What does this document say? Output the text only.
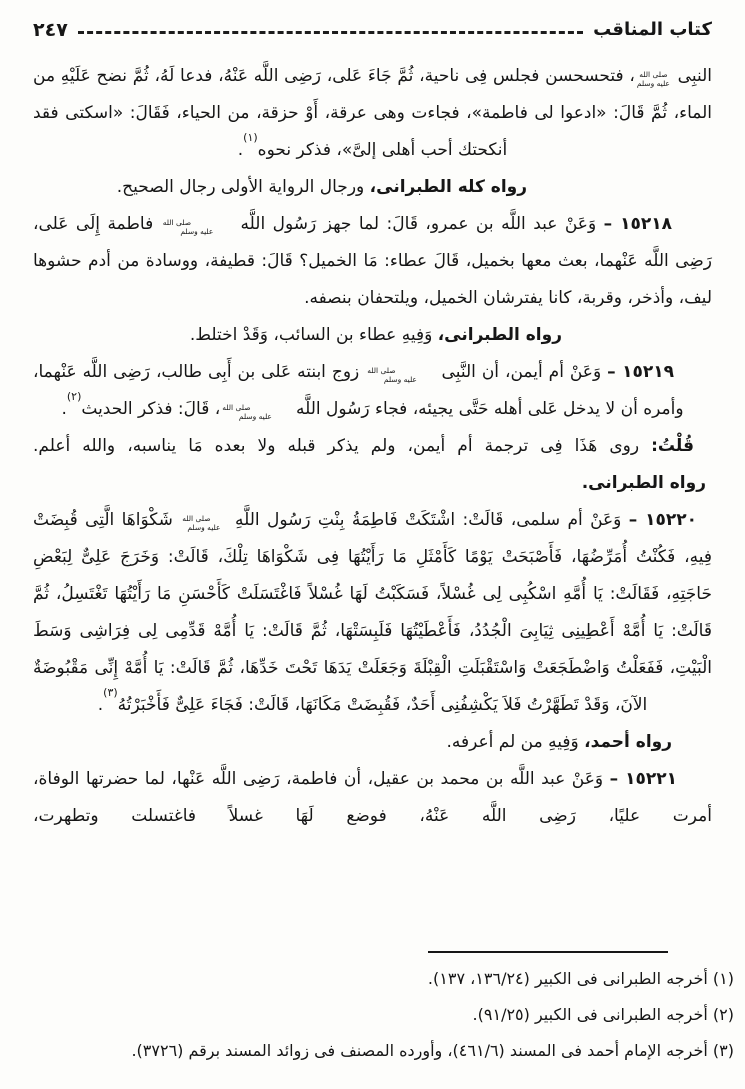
كتاب المناقب
٢٤٧

النبِى صلى الله
عليه وسلم، فتحسحسن فجلس فِى ناحية، ثُمَّ جَاءَ عَلى، رَضِى اللَّه عَنْهُ، فدعا لَهُ، ثُمَّ نضح عَلَيْهِ من الماء، ثُمَّ قَالَ: «ادعوا لى فاطمة»، فجاءت وهى عرقة، أَوْ حزقة، من الحياء، فَقَالَ: «اسكتى فقد أنكحتك أحب أهلى إلىَّ»، فذكر نحوه$^{(١)}$.

رواه كله الطبرانى، ورجال الرواية الأولى رجال الصحيح.

١٥٢١٨ – وَعَنْ عبد اللَّه بن عمرو، قَالَ: لما جهز رَسُول اللَّه صلى الله
عليه وسلم فاطمة إِلَى عَلى، رَضِى اللَّه عَنْهما، بعث معها بخميل، قَالَ عطاء: مَا الخميل؟ قَالَ: قطيفة، ووسادة من أدم حشوها ليف، وأذخر، وقربة، كانا يفترشان الخميل، ويلتحفان بنصفه.

رواه الطبرانى، وَفِيهِ عطاء بن السائب، وَقَدْ اختلط.

١٥٢١٩ – وَعَنْ أم أيمن، أن النَّبِى صلى الله
عليه وسلم زوج ابنته عَلى بن أَبِى طالب، رَضِى اللَّه عَنْهما، وأمره أن لا يدخل عَلى أهله حَتَّى يجيئه، فجاء رَسُول اللَّه صلى الله
عليه وسلم، قَالَ: فذكر الحديث$^{(٢)}$.

قُلْتُ: روى هَذَا فِى ترجمة أم أيمن، ولم يذكر قبله ولا بعده مَا يناسبه، والله أعلم.

رواه الطبرانى.

١٥٢٢٠ – وَعَنْ أم سلمى، قَالَتْ: اشْتَكَتْ فَاطِمَةُ بِنْتِ رَسُول اللَّهِ صلى الله
عليه وسلم شَكْوَاهَا الَّتِى قُبِضَتْ فِيهِ، فَكُنْتُ أُمَرِّضُهَا، فَأَصْبَحَتْ يَوْمًا كَأَمْثَلِ مَا رَأَيْتُهَا فِى شَكْوَاهَا تِلْكَ، قَالَتْ: وَخَرَجَ عَلِىٌّ لِبَعْضِ حَاجَتِهِ، فَقَالَتْ: يَا أُمَّهِ اسْكُبِى لِى غُسْلاً، فَسَكَبْتُ لَهَا غُسْلاً فَاغْتَسَلَتْ كَأَحْسَنِ مَا رَأَيْتُهَا تَغْتَسِلُ، ثُمَّ قَالَتْ: يَا أُمَّهْ أَعْطِينِى ثِيَابِىَ الْجُدُدُ، فَأَعْطَيْتُهَا فَلَبِسَتْهَا، ثُمَّ قَالَتْ: يَا أُمَّهْ قَدِّمِى لِى فِرَاشِى وَسَطَ الْبَيْتِ، فَفَعَلْتُ وَاضْطَجَعَتْ وَاسْتَقْبَلَتِ الْقِبْلَةَ وَجَعَلَتْ يَدَهَا تَحْتَ خَدِّهَا، ثُمَّ قَالَتْ: يَا أُمَّهْ إِنِّى مَقْبُوضَةٌ الآنَ، وَقَدْ تَطَهَّرْتُ فَلاَ يَكْشِفُنِى أَحَدٌ، فَقُبِضَتْ مَكَانَهَا، قَالَتْ: فَجَاءَ عَلِىٌّ فَأَخْبَرْتُهُ$^{(٣)}$.

رواه أحمد، وَفِيهِ من لم أعرفه.

١٥٢٢١ – وَعَنْ عبد اللَّه بن محمد بن عقيل، أن فاطمة، رَضِى اللَّه عَنْها، لما حضرتها الوفاة، أمرت عليًا، رَضِى اللَّه عَنْهُ، فوضع لَهَا غسلاً فاغتسلت وتطهرت،

(١) أخرجه الطبرانى فى الكبير (١٣٦/٢٤، ١٣٧).

(٢) أخرجه الطبرانى فى الكبير (٩١/٢٥).

(٣) أخرجه الإمام أحمد فى المسند (٤٦١/٦)، وأورده المصنف فى زوائد المسند برقم (٣٧٢٦).
